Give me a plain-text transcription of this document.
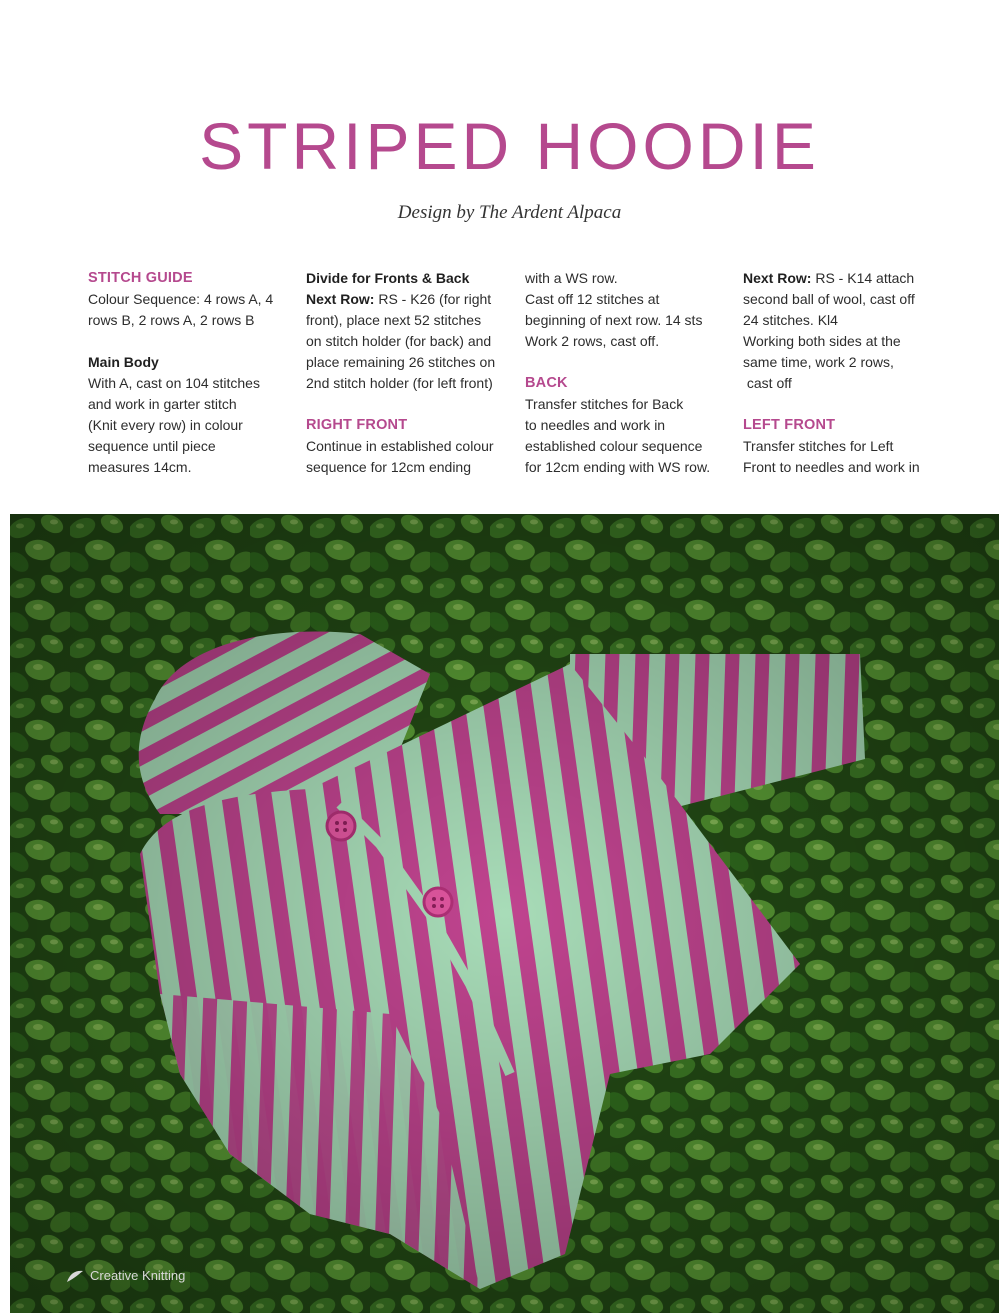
STRIPED HOODIE
Design by The Ardent Alpaca

STITCH GUIDE

Colour Sequence: 4 rows A, 4

rows B, 2 rows A, 2 rows B

Main Body

With A, cast on 104 stitches

and work in garter stitch

(Knit every row) in colour

sequence until piece

measures 14cm.

Divide for Fronts & Back

Next Row: RS - K26 (for right

front), place next 52 stitches

on stitch holder (for back) and

place remaining 26 stitches on

2nd stitch holder (for left front)

RIGHT FRONT

Continue in established colour

sequence for 12cm ending

with a WS row.

Cast off 12 stitches at

beginning of next row. 14 sts

Work 2 rows, cast off.

BACK

Transfer stitches for Back

to needles and work in

established colour sequence

for 12cm ending with WS row.

Next Row: RS - K14 attach

second ball of wool, cast off

24 stitches. Kl4

Working both sides at the

same time, work 2 rows,

cast off

LEFT FRONT

Transfer stitches for Left

Front to needles and work in

Creative Knitting
